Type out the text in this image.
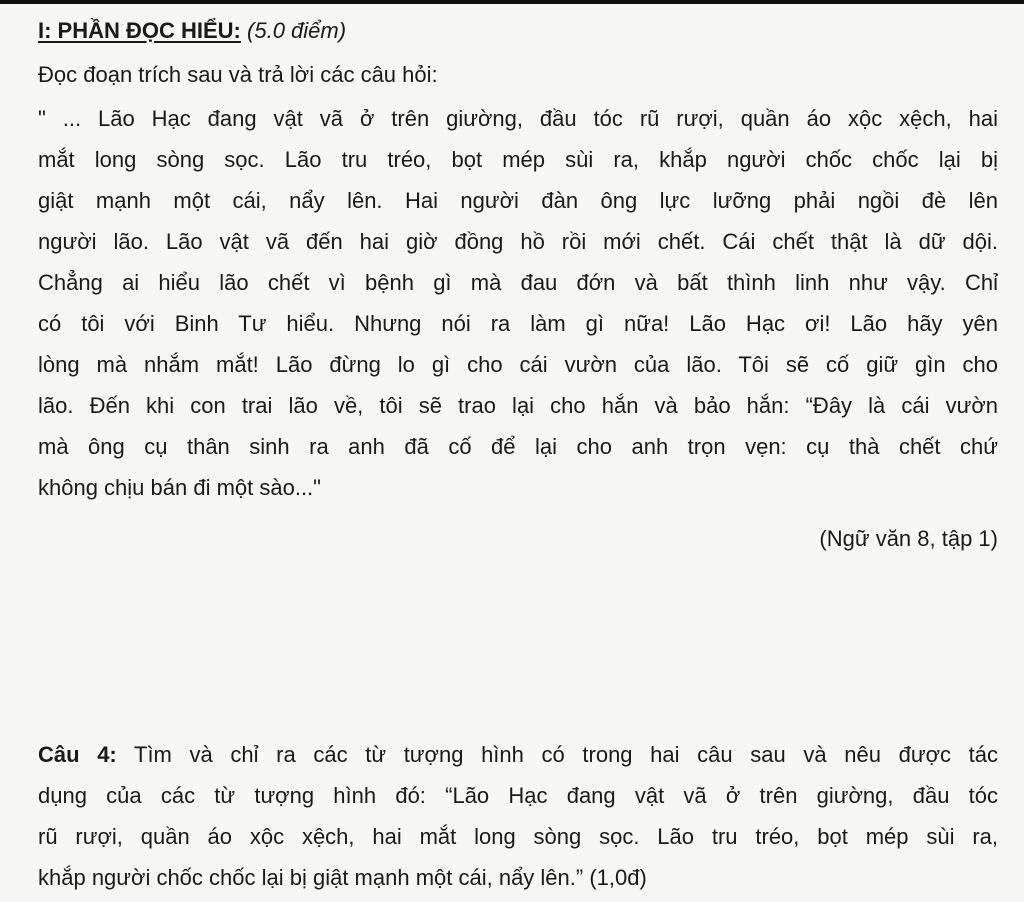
I: PHẦN ĐỌC HIỂU: (5.0 điểm)
Đọc đoạn trích sau và trả lời các câu hỏi:
" ... Lão Hạc đang vật vã ở trên giường, đầu tóc rũ rượi, quần áo xộc xệch, hai
mắt long sòng sọc. Lão tru tréo, bọt mép sùi ra, khắp người chốc chốc lại bị
giật mạnh một cái, nẩy lên. Hai người đàn ông lực lưỡng phải ngồi đè lên
người lão. Lão vật vã đến hai giờ đồng hồ rồi mới chết. Cái chết thật là dữ dội.
Chẳng ai hiểu lão chết vì bệnh gì mà đau đớn và bất thình linh như vậy. Chỉ
có tôi với Binh Tư hiểu. Nhưng nói ra làm gì nữa! Lão Hạc ơi! Lão hãy yên
lòng mà nhắm mắt! Lão đừng lo gì cho cái vườn của lão. Tôi sẽ cố giữ gìn cho
lão. Đến khi con trai lão về, tôi sẽ trao lại cho hắn và bảo hắn: “Đây là cái vườn
mà ông cụ thân sinh ra anh đã cố để lại cho anh trọn vẹn: cụ thà chết chứ
không chịu bán đi một sào..."
(Ngữ văn 8, tập 1)
Câu 4: Tìm và chỉ ra các từ tượng hình có trong hai câu sau và nêu được tác
dụng của các từ tượng hình đó: “Lão Hạc đang vật vã ở trên giường, đầu tóc
rũ rượi, quần áo xộc xệch, hai mắt long sòng sọc. Lão tru tréo, bọt mép sùi ra,
khắp người chốc chốc lại bị giật mạnh một cái, nẩy lên.” (1,0đ)
